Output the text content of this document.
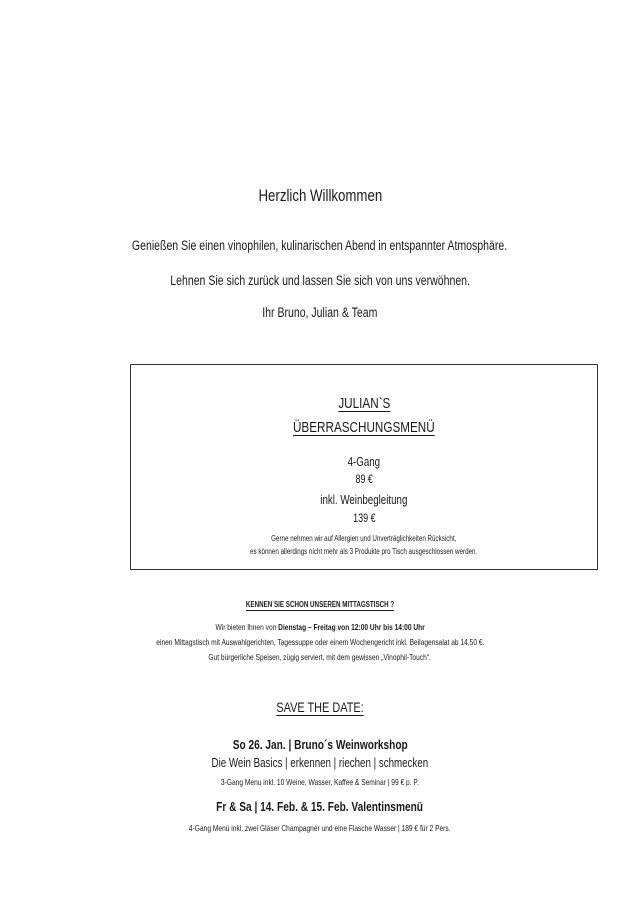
Herzlich Willkommen
Genießen Sie einen vinophilen, kulinarischen Abend in entspannter Atmosphäre.
Lehnen Sie sich zurück und lassen Sie sich von uns verwöhnen.
Ihr Bruno, Julian & Team
JULIAN`S
ÜBERRASCHUNGSMENÜ
4-Gang
89 €
inkl. Weinbegleitung
139 €
Gerne nehmen wir auf Allergien und Unverträglichkeiten Rücksicht,
es können allerdings nicht mehr als 3 Produkte pro Tisch ausgeschlossen werden.
KENNEN SIE SCHON UNSEREN MITTAGSTISCH ?
Wir bieten Ihnen von Dienstag – Freitag von 12:00 Uhr bis 14:00 Uhr
einen Mittagstisch mit Auswahlgerichten, Tagessuppe oder einem Wochengericht inkl. Beilagensalat ab 14,50 €.
Gut bürgerliche Speisen, zügig serviert, mit dem gewissen „Vinophil-Touch“.
SAVE THE DATE:
So 26. Jan. | Bruno´s Weinworkshop
Die Wein Basics | erkennen | riechen | schmecken
3-Gang Menu inkl. 10 Weine, Wasser, Kaffee & Seminar | 99 € p. P.
Fr & Sa | 14. Feb. & 15. Feb. Valentinsmenü
4-Gang Menü inkl. zwei Gläser Champagner und eine Flasche Wasser | 189 € für 2 Pers.
